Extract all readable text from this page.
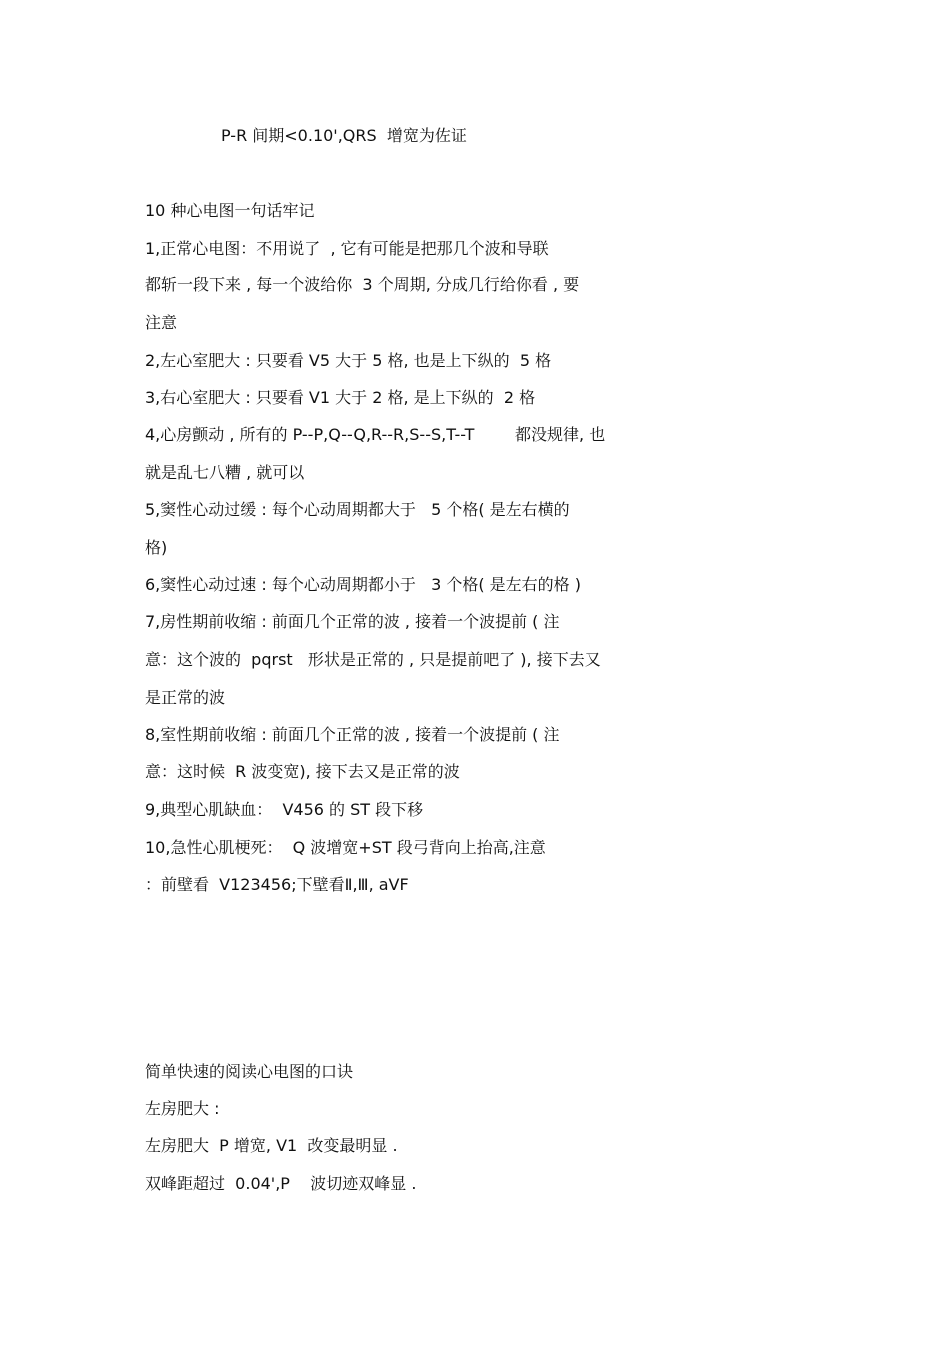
P-R 间期<0.10',QRS  增宽为佐证
10 种心电图一句话牢记
1,正常心电图：不用说了  , 它有可能是把那几个波和导联
都斩一段下来 , 每一个波给你  3 个周期, 分成几行给你看 , 要
注意
2,左心室肥大 : 只要看 V5 大于 5 格, 也是上下纵的  5 格
3,右心室肥大 : 只要看 V1 大于 2 格, 是上下纵的  2 格
4,心房颤动 , 所有的 P--P,Q--Q,R--R,S--S,T--T        都没规律, 也
就是乱七八糟 , 就可以
5,窦性心动过缓 : 每个心动周期都大于   5 个格( 是左右横的
格)
6,窦性心动过速 : 每个心动周期都小于   3 个格( 是左右的格 )
7,房性期前收缩 : 前面几个正常的波 , 接着一个波提前 ( 注
意：这个波的  pqrst   形状是正常的 , 只是提前吧了 ), 接下去又
是正常的波
8,室性期前收缩 : 前面几个正常的波 , 接着一个波提前 ( 注
意：这时候  R 波变宽), 接下去又是正常的波
9,典型心肌缺血：  V456 的 ST 段下移
10,急性心肌梗死：  Q 波增宽+ST 段弓背向上抬高,注意
：前壁看  V123456;下壁看Ⅱ,Ⅲ, aVF
简单快速的阅读心电图的口诀
左房肥大 :
左房肥大  P 增宽, V1  改变最明显 .
双峰距超过  0.04',P    波切迹双峰显 .
